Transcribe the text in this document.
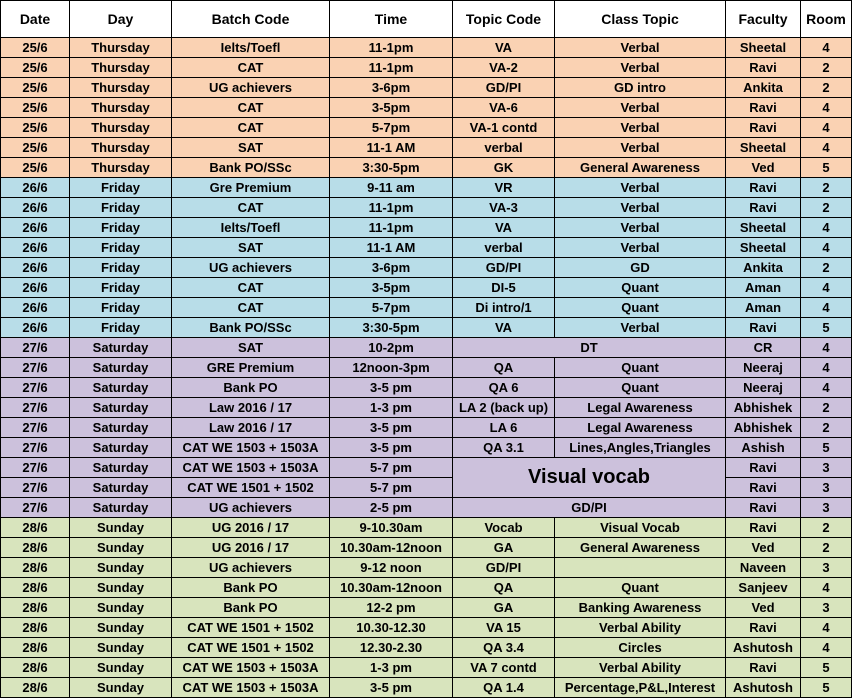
Date	Day	Batch Code	Time	Topic Code	Class Topic	Faculty	Room
25/6	Thursday	Ielts/Toefl	11-1pm	VA	Verbal	Sheetal	4
25/6	Thursday	CAT	11-1pm	VA-2	Verbal	Ravi	2
25/6	Thursday	UG achievers	3-6pm	GD/PI	GD intro	Ankita	2
25/6	Thursday	CAT	3-5pm	VA-6	Verbal	Ravi	4
25/6	Thursday	CAT	5-7pm	VA-1 contd	Verbal	Ravi	4
25/6	Thursday	SAT	11-1 AM	verbal	Verbal	Sheetal	4
25/6	Thursday	Bank PO/SSc	3:30-5pm	GK	General Awareness	Ved	5
26/6	Friday	Gre Premium	9-11 am	VR	Verbal	Ravi	2
26/6	Friday	CAT	11-1pm	VA-3	Verbal	Ravi	2
26/6	Friday	Ielts/Toefl	11-1pm	VA	Verbal	Sheetal	4
26/6	Friday	SAT	11-1 AM	verbal	Verbal	Sheetal	4
26/6	Friday	UG achievers	3-6pm	GD/PI	GD	Ankita	2
26/6	Friday	CAT	3-5pm	DI-5	Quant	Aman	4
26/6	Friday	CAT	5-7pm	Di intro/1	Quant	Aman	4
26/6	Friday	Bank PO/SSc	3:30-5pm	VA	Verbal	Ravi	5
27/6	Saturday	SAT	10-2pm	DT		CR	4
27/6	Saturday	GRE Premium	12noon-3pm	QA	Quant	Neeraj	4
27/6	Saturday	Bank PO	3-5 pm	QA 6	Quant	Neeraj	4
27/6	Saturday	Law 2016 / 17	1-3 pm	LA 2 (back up)	Legal Awareness	Abhishek	2
27/6	Saturday	Law 2016 / 17	3-5 pm	LA 6	Legal Awareness	Abhishek	2
27/6	Saturday	CAT WE 1503 + 1503A	3-5 pm	QA 3.1	Lines,Angles,Triangles	Ashish	5
27/6	Saturday	CAT WE 1503 + 1503A	5-7 pm	Visual vocab		Ravi	3
27/6	Saturday	CAT WE 1501 + 1502	5-7 pm			Ravi	3
27/6	Saturday	UG achievers	2-5 pm	GD/PI		Ravi	3
28/6	Sunday	UG 2016 / 17	9-10.30am	Vocab	Visual Vocab	Ravi	2
28/6	Sunday	UG 2016 / 17	10.30am-12noon	GA	General Awareness	Ved	2
28/6	Sunday	UG achievers	9-12 noon	GD/PI		Naveen	3
28/6	Sunday	Bank PO	10.30am-12noon	QA	Quant	Sanjeev	4
28/6	Sunday	Bank PO	12-2 pm	GA	Banking Awareness	Ved	3
28/6	Sunday	CAT WE 1501 + 1502	10.30-12.30	VA 15	Verbal Ability	Ravi	4
28/6	Sunday	CAT WE 1501 + 1502	12.30-2.30	QA 3.4	Circles	Ashutosh	4
28/6	Sunday	CAT WE 1503 + 1503A	1-3 pm	VA 7 contd	Verbal Ability	Ravi	5
28/6	Sunday	CAT WE 1503 + 1503A	3-5 pm	QA 1.4	Percentage,P&L,Interest	Ashutosh	5
